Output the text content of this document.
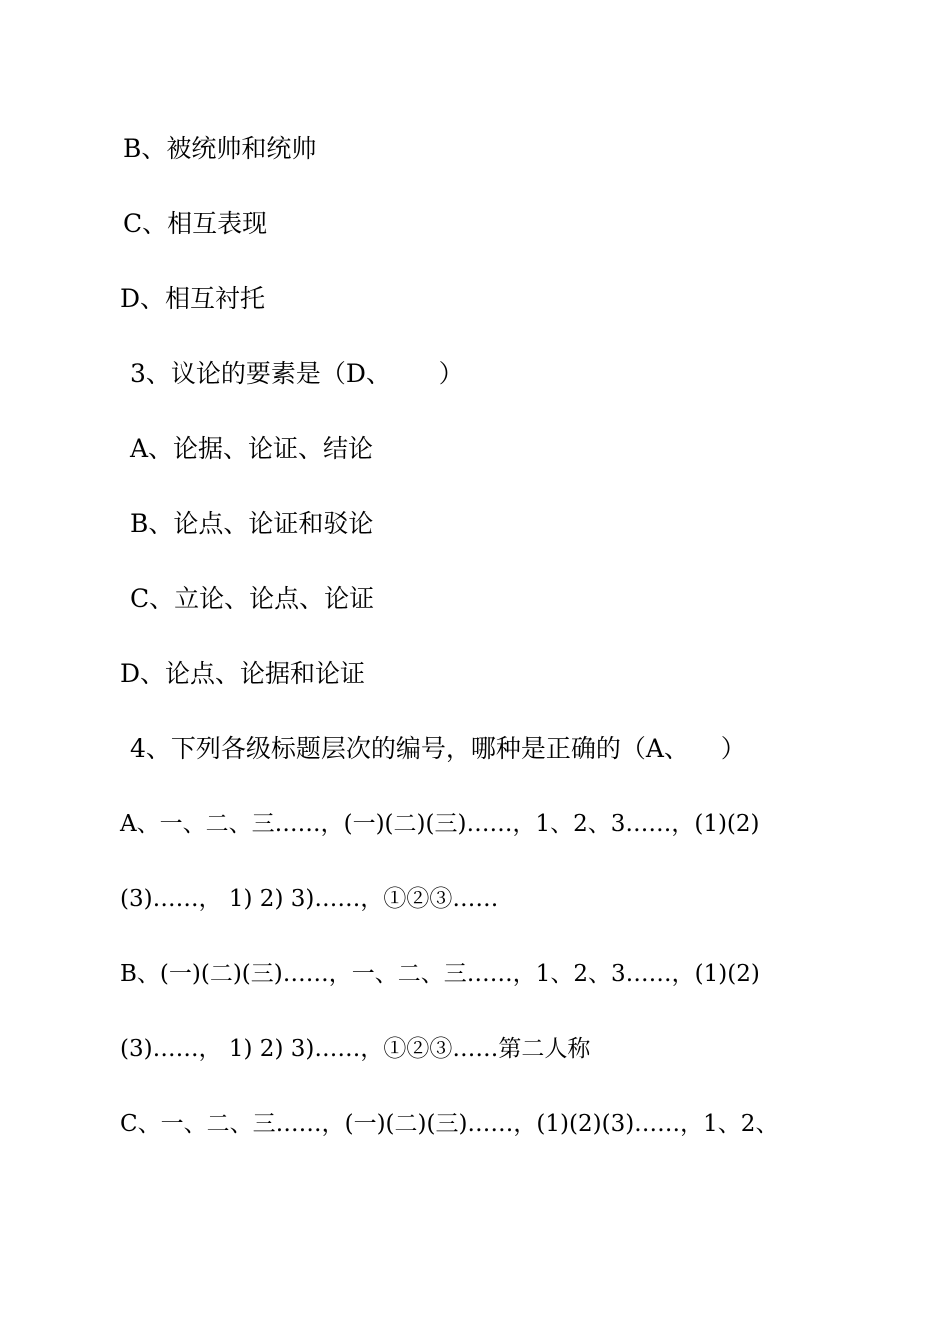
B、被统帅和统帅
C、相互表现
D、相互衬托
3、议论的要素是（D、      ）
A、论据、论证、结论
B、论点、论证和驳论
C、立论、论点、论证
D、论点、论据和论证
4、下列各级标题层次的编号，哪种是正确的（A、    ）
A、一、二、三……，(一)(二)(三)……，1、2、3……，(1)(2)
(3)……， 1) 2) 3)……，①②③……
B、(一)(二)(三)……，一、二、三……，1、2、3……，(1)(2)
(3)……， 1) 2) 3)……，①②③……第二人称
C、一、二、三……，(一)(二)(三)……，(1)(2)(3)……，1、2、
